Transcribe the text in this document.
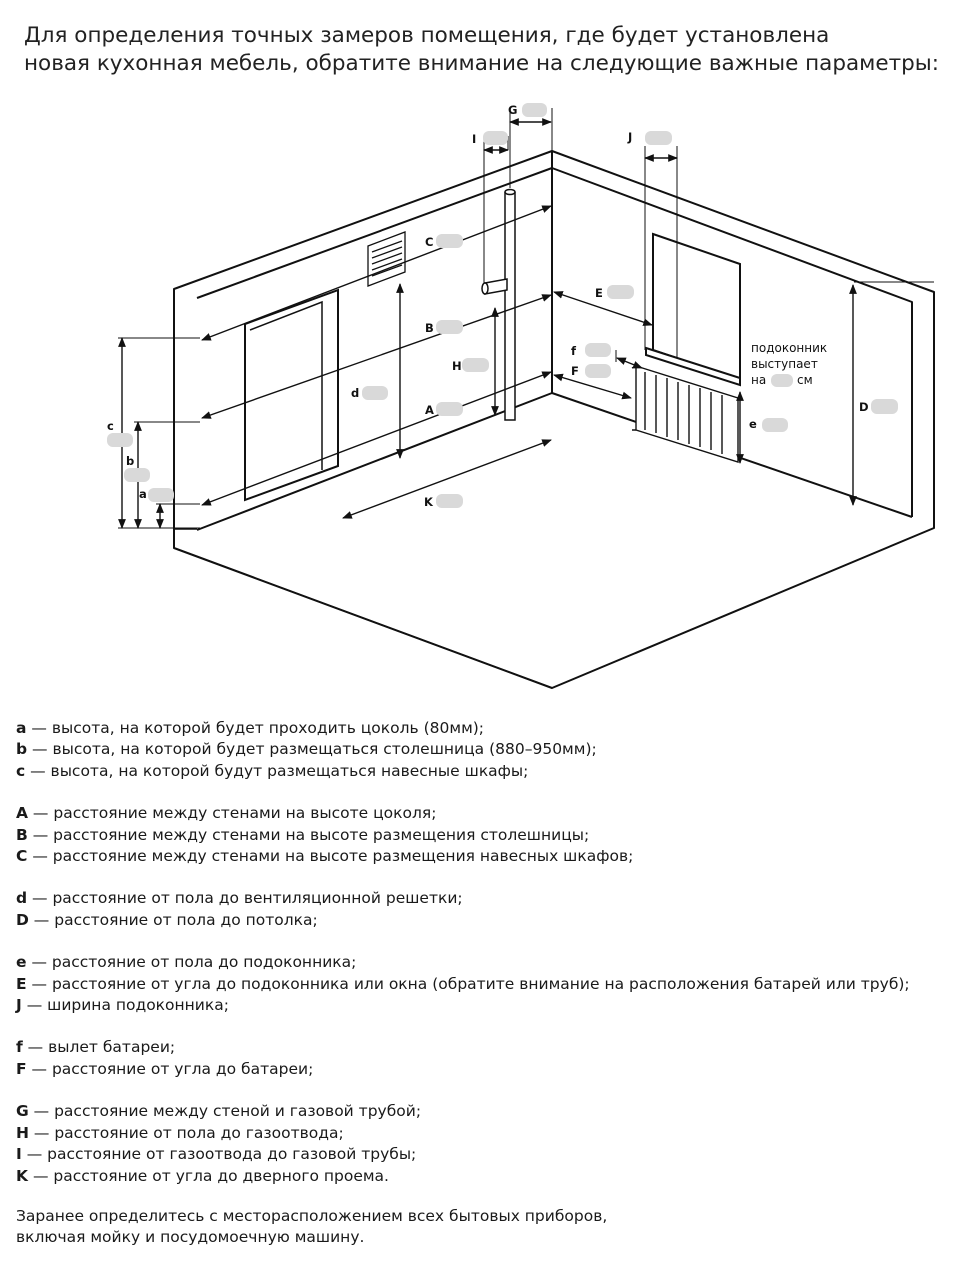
Для определения точных замеров помещения, где будет установлена
новая кухонная мебель, обратите внимание на следующие важные параметры:
G
I	J
C
E
B
f
H	F
d
A	D
e
c
b
a
K
подоконник
выступает
на	см
a — высота, на которой будет проходить цоколь (80мм);
b — высота, на которой будет размещаться столешница (880–950мм);
c — высота, на которой будут размещаться навесные шкафы;
A — расстояние между стенами на высоте цоколя;
B — расстояние между стенами на высоте размещения столешницы;
C — расстояние между стенами на высоте размещения навесных шкафов;
d — расстояние от пола до вентиляционной решетки;
D — расстояние от пола до потолка;
e — расстояние от пола до подоконника;
E — расстояние от угла до подоконника или окна (обратите внимание на расположения батарей или труб);
J — ширина подоконника;
f — вылет батареи;
F — расстояние от угла до батареи;
G — расстояние между стеной и газовой трубой;
H — расстояние от пола до газоотвода;
I — расстояние от газоотвода до газовой трубы;
K — расстояние от угла до дверного проема.
Заранее определитесь с месторасположением всех бытовых приборов,
включая мойку и посудомоечную машину.
